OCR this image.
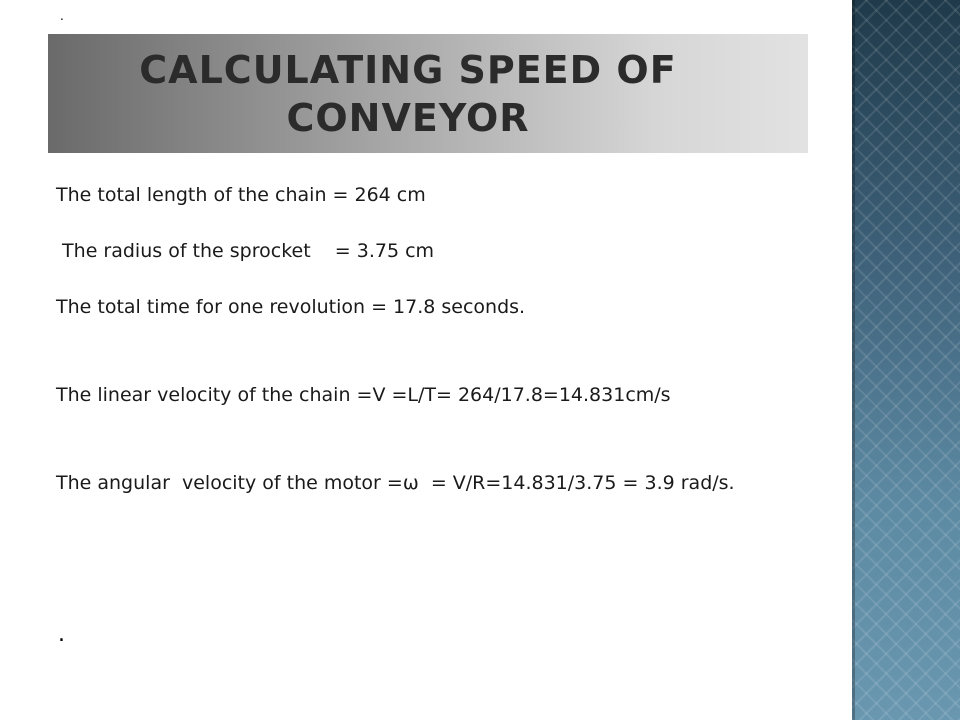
.
CALCULATING SPEED OF CONVEYOR

The total length of the chain = 264 cm

The radius of the sprocket    = 3.75 cm

The total time for one revolution = 17.8 seconds.

The linear velocity of the chain =V =L/T= 264/17.8=14.831cm/s

The angular  velocity of the motor =ω  = V/R=14.831/3.75 = 3.9 rad/s.

.
